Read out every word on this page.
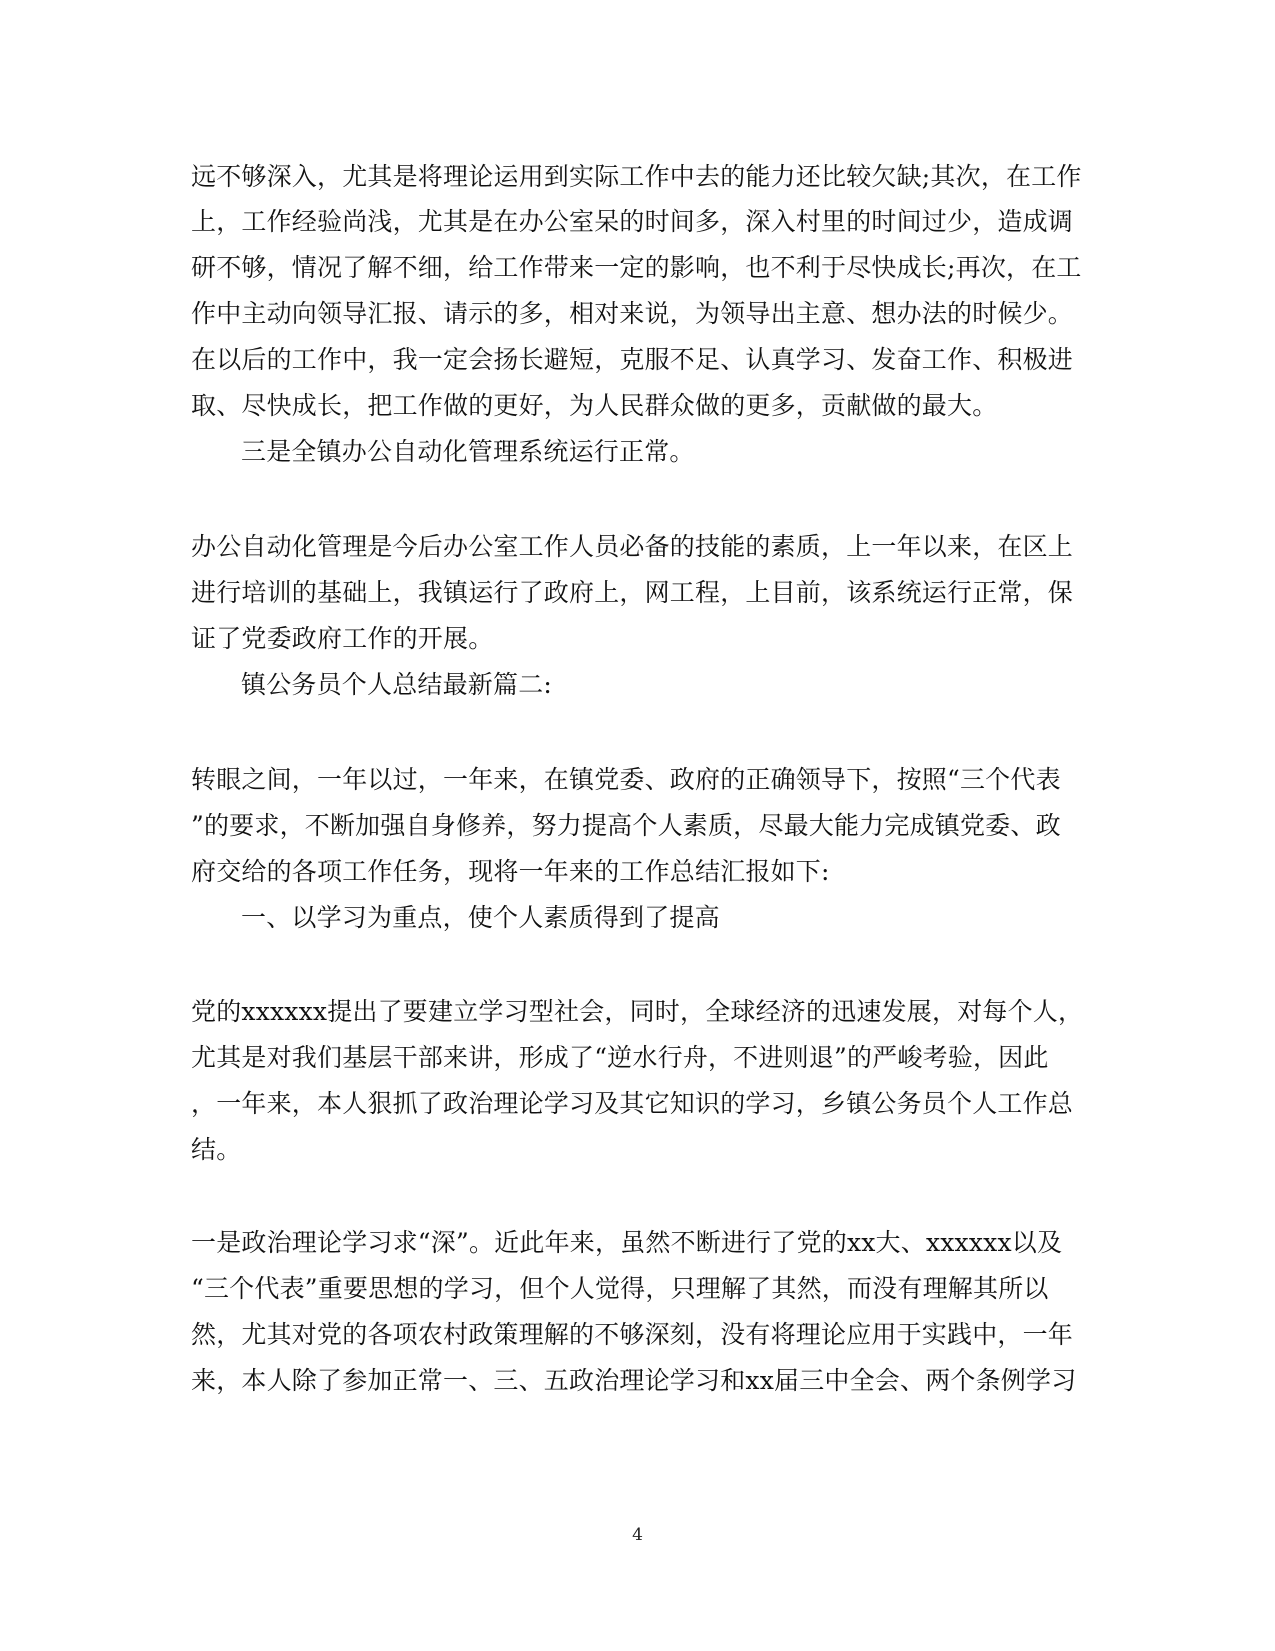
远不够深入，尤其是将理论运用到实际工作中去的能力还比较欠缺;其次，在工作
上，工作经验尚浅，尤其是在办公室呆的时间多，深入村里的时间过少，造成调
研不够，情况了解不细，给工作带来一定的影响，也不利于尽快成长;再次，在工
作中主动向领导汇报、请示的多，相对来说，为领导出主意、想办法的时候少。
在以后的工作中，我一定会扬长避短，克服不足、认真学习、发奋工作、积极进
取、尽快成长，把工作做的更好，为人民群众做的更多，贡献做的最大。
三是全镇办公自动化管理系统运行正常。
办公自动化管理是今后办公室工作人员必备的技能的素质，上一年以来，在区上
进行培训的基础上，我镇运行了政府上，网工程，上目前，该系统运行正常，保
证了党委政府工作的开展。
镇公务员个人总结最新篇二:
转眼之间，一年以过，一年来，在镇党委、政府的正确领导下，按照“三个代表
”的要求，不断加强自身修养，努力提高个人素质，尽最大能力完成镇党委、政
府交给的各项工作任务，现将一年来的工作总结汇报如下:
一、以学习为重点，使个人素质得到了提高
党的xxxxxx提出了要建立学习型社会，同时，全球经济的迅速发展，对每个人，
尤其是对我们基层干部来讲，形成了“逆水行舟，不进则退”的严峻考验，因此
，一年来，本人狠抓了政治理论学习及其它知识的学习，乡镇公务员个人工作总
结。
一是政治理论学习求“深”。近此年来，虽然不断进行了党的xx大、xxxxxx以及
“三个代表”重要思想的学习，但个人觉得，只理解了其然，而没有理解其所以
然，尤其对党的各项农村政策理解的不够深刻，没有将理论应用于实践中，一年
来，本人除了参加正常一、三、五政治理论学习和xx届三中全会、两个条例学习
4
